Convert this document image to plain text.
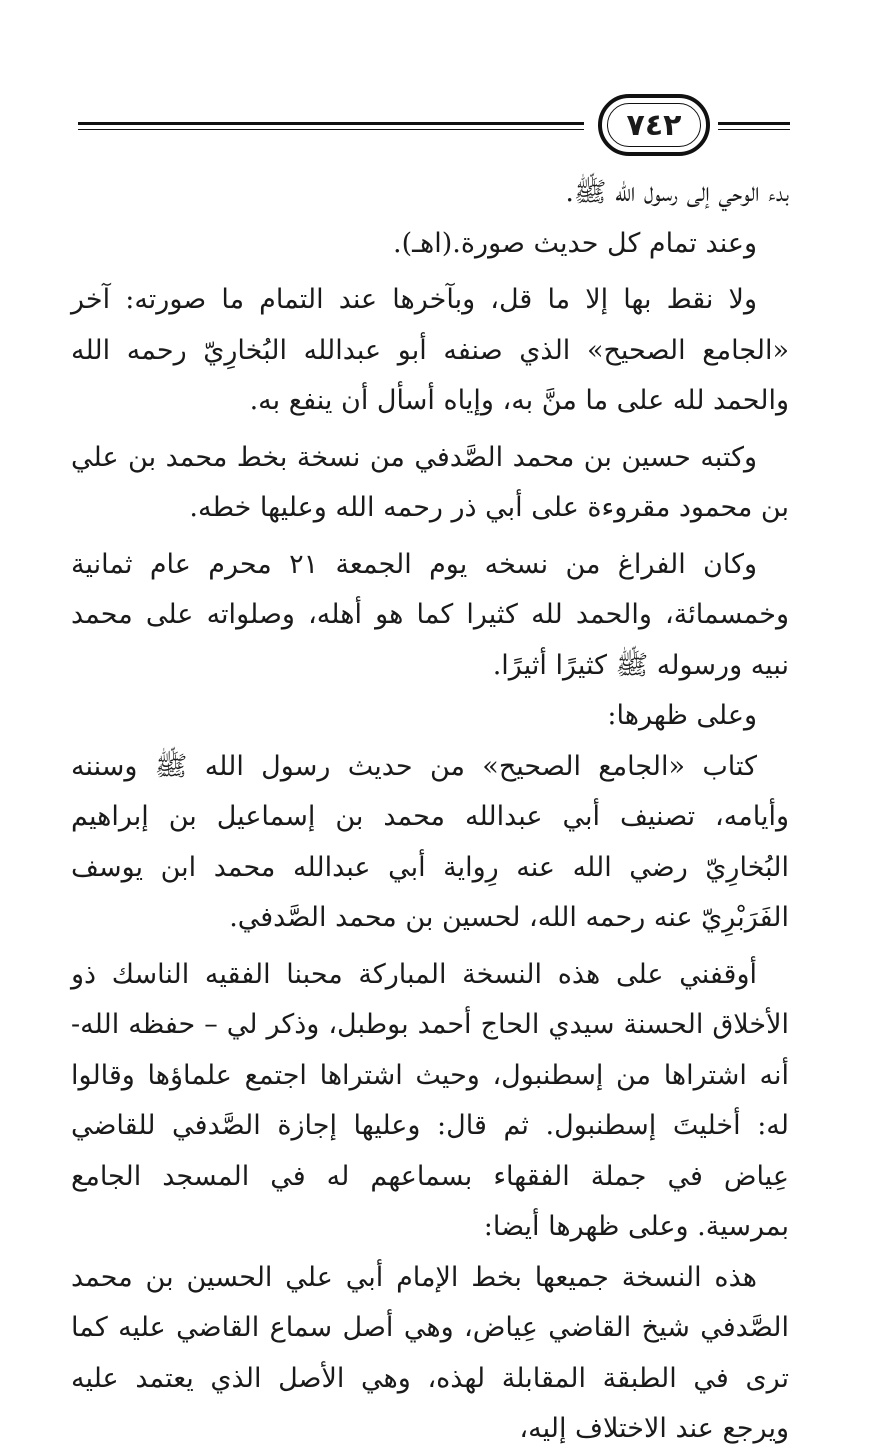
٧٤٢

بدء الوحي إلى رسول الله ﷺ.

وعند تمام كل حديث صورة.(اهـ).

ولا نقط بها إلا ما قل، وبآخرها عند التمام ما صورته: آخر «الجامع الصحيح» الذي صنفه أبو عبدالله البُخارِيّ رحمه الله والحمد لله على ما منَّ به، وإياه أسأل أن ينفع به.

وكتبه حسين بن محمد الصَّدفي من نسخة بخط محمد بن علي بن محمود مقروءة على أبي ذر رحمه الله وعليها خطه.

وكان الفراغ من نسخه يوم الجمعة ٢١ محرم عام ثمانية وخمسمائة، والحمد لله كثيرا كما هو أهله، وصلواته على محمد نبيه ورسوله ﷺ كثيرًا أثيرًا.

وعلى ظهرها:

كتاب «الجامع الصحيح» من حديث رسول الله ﷺ وسننه وأيامه، تصنيف أبي عبدالله محمد بن إسماعيل بن إبراهيم البُخارِيّ رضي الله عنه رِواية أبي عبدالله محمد ابن يوسف الفَرَبْرِيّ عنه رحمه الله، لحسين بن محمد الصَّدفي.

أوقفني على هذه النسخة المباركة محبنا الفقيه الناسك ذو الأخلاق الحسنة سيدي الحاج أحمد بوطبل، وذكر لي – حفظه الله- أنه اشتراها من إسطنبول، وحيث اشتراها اجتمع علماؤها وقالوا له: أخليتَ إسطنبول. ثم قال: وعليها إجازة الصَّدفي للقاضي عِياض في جملة الفقهاء بسماعهم له في المسجد الجامع بمرسية. وعلى ظهرها أيضا:

هذه النسخة جميعها بخط الإمام أبي علي الحسين بن محمد الصَّدفي شيخ القاضي عِياض، وهي أصل سماع القاضي عليه كما ترى في الطبقة المقابلة لهذه، وهي الأصل الذي يعتمد عليه ويرجع عند الاختلاف إليه،
